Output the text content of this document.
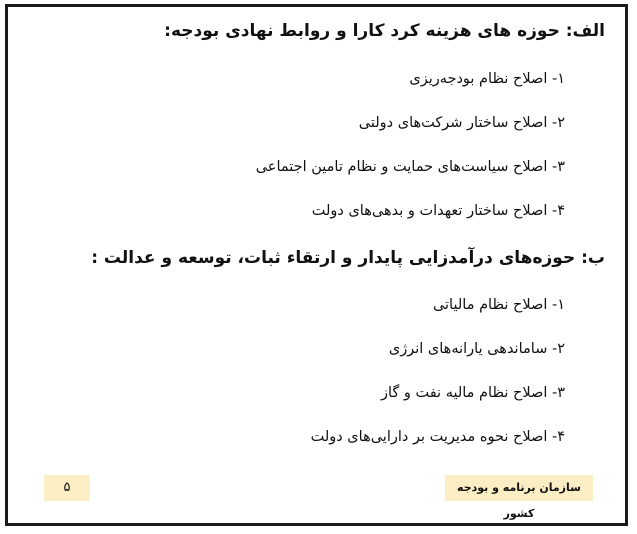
الف: حوزه های هزینه کرد کارا و روابط نهادی بودجه:
۱- اصلاح نظام بودجه‌ریزی
۲- اصلاح ساختار شرکت‌های دولتی
۳- اصلاح سیاست‌های حمایت و نظام تامین اجتماعی
۴- اصلاح ساختار تعهدات و بدهی‌های دولت
ب: حوزه‌های درآمدزایی پایدار و ارتقاء ثبات، توسعه و عدالت :
۱- اصلاح نظام مالیاتی
۲- ساماندهی یارانه‌های انرژی
۳- اصلاح نظام مالیه نفت و گاز
۴- اصلاح نحوه مدیریت بر دارایی‌های دولت
۵	سازمان برنامه و بودجه کشور
